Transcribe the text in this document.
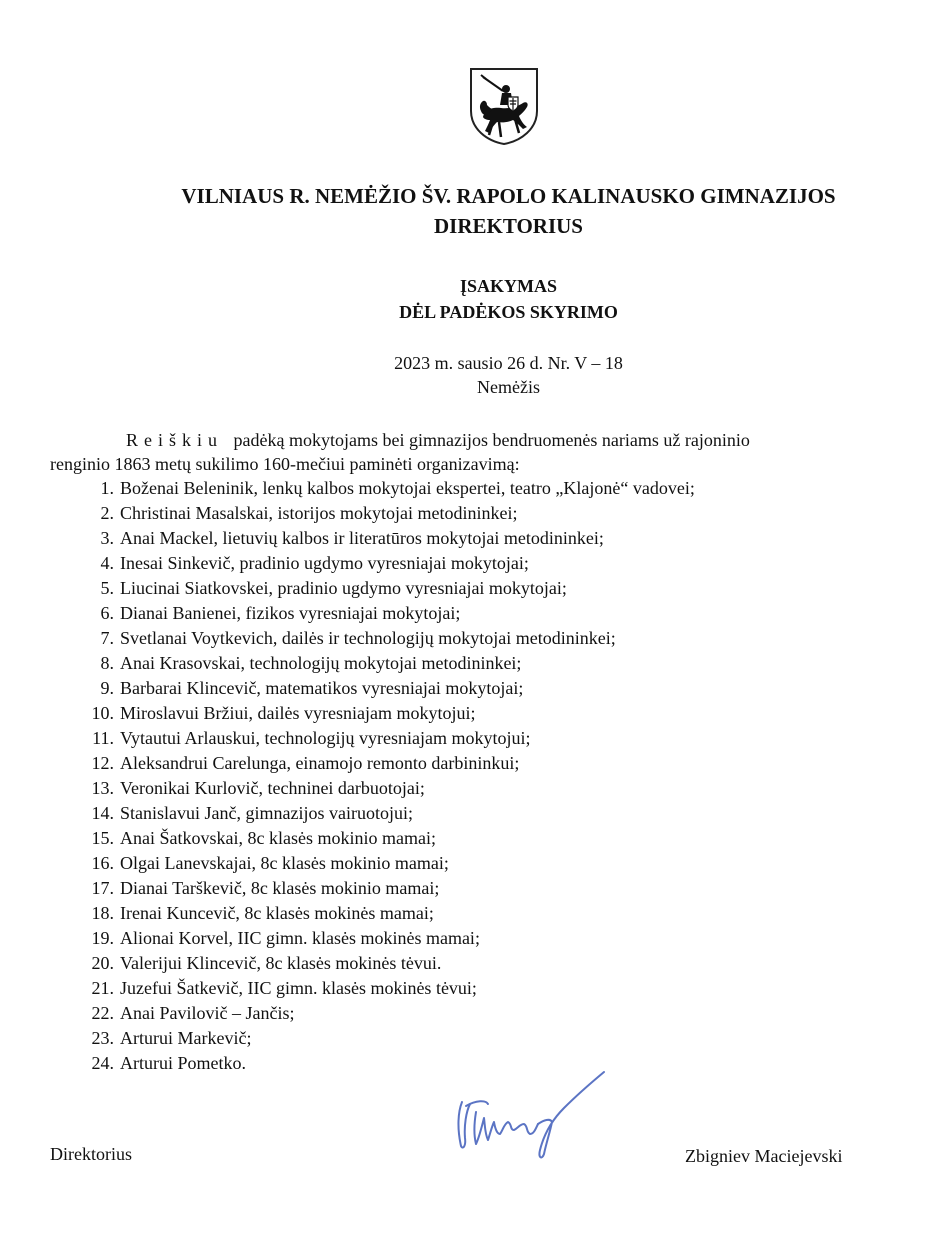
VILNIAUS R. NEMĖŽIO ŠV. RAPOLO KALINAUSKO GIMNAZIJOS
DIREKTORIUS
ĮSAKYMAS
DĖL PADĖKOS SKYRIMO
2023 m. sausio 26 d. Nr. V – 18
Nemėžis
Reiškiu padėką mokytojams bei gimnazijos bendruomenės nariams už rajoninio
renginio 1863 metų sukilimo 160-mečiui paminėti organizavimą:
1. Boženai Beleninik, lenkų kalbos mokytojai ekspertei, teatro „Klajonė“ vadovei;
2. Christinai Masalskai, istorijos mokytojai metodininkei;
3. Anai Mackel, lietuvių kalbos ir literatūros mokytojai metodininkei;
4. Inesai Sinkevič, pradinio ugdymo vyresniajai mokytojai;
5. Liucinai Siatkovskei, pradinio ugdymo vyresniajai mokytojai;
6. Dianai Banienei, fizikos vyresniajai mokytojai;
7. Svetlanai Voytkevich, dailės ir technologijų mokytojai metodininkei;
8. Anai Krasovskai, technologijų mokytojai metodininkei;
9. Barbarai Klincevič, matematikos vyresniajai mokytojai;
10. Miroslavui Bržiui, dailės vyresniajam mokytojui;
11. Vytautui Arlauskui, technologijų vyresniajam mokytojui;
12. Aleksandrui Carelunga, einamojo remonto darbininkui;
13. Veronikai Kurlovič, techninei darbuotojai;
14. Stanislavui Janč, gimnazijos vairuotojui;
15. Anai Šatkovskai, 8c klasės mokinio mamai;
16. Olgai Lanevskajai, 8c klasės mokinio mamai;
17. Dianai Tarškevič, 8c klasės mokinio mamai;
18. Irenai Kuncevič, 8c klasės mokinės mamai;
19. Alionai Korvel, IIC gimn. klasės mokinės mamai;
20. Valerijui Klincevič, 8c klasės mokinės tėvui.
21. Juzefui Šatkevič, IIC gimn. klasės mokinės tėvui;
22. Anai Pavilovič – Jančis;
23. Arturui Markevič;
24. Arturui Pometko.
Direktorius	Zbigniev Maciejevski
